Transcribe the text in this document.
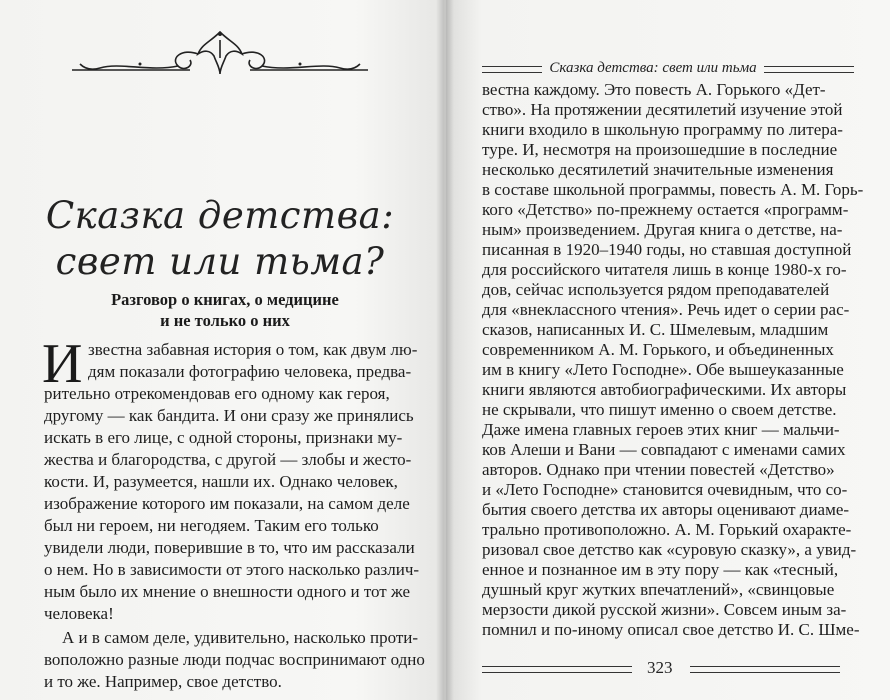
Сказка детства:
свет или тьма?
Разговор о книгах, о медицине
и не только о них
И звестна забавная история о том, как двум лю-
дям показали фотографию человека, предва-
рительно отрекомендовав его одному как героя,
другому — как бандита. И они сразу же принялись
искать в его лице, с одной стороны, признаки му-
жества и благородства, с другой — злобы и жесто-
кости. И, разумеется, нашли их. Однако человек,
изображение которого им показали, на самом деле
был ни героем, ни негодяем. Таким его только
увидели люди, поверившие в то, что им рассказали
о нем. Но в зависимости от этого насколько различ-
ным было их мнение о внешности одного и тот же
человека!
А и в самом деле, удивительно, насколько проти-
воположно разные люди подчас воспринимают одно
и то же. Например, свое детство.
Сказка детства: свет или тьма
вестна каждому. Это повесть А. Горького «Дет-
ство». На протяжении десятилетий изучение этой
книги входило в школьную программу по литера-
туре. И, несмотря на произошедшие в последние
несколько десятилетий значительные изменения
в составе школьной программы, повесть А. М. Горь-
кого «Детство» по-прежнему остается «программ-
ным» произведением. Другая книга о детстве, на-
писанная в 1920–1940 годы, но ставшая доступной
для российского читателя лишь в конце 1980-х го-
дов, сейчас используется рядом преподавателей
для «внеклассного чтения». Речь идет о серии рас-
сказов, написанных И. С. Шмелевым, младшим
современником А. М. Горького, и объединенных
им в книгу «Лето Господне». Обе вышеуказанные
книги являются автобиографическими. Их авторы
не скрывали, что пишут именно о своем детстве.
Даже имена главных героев этих книг — мальчи-
ков Алеши и Вани — совпадают с именами самих
авторов. Однако при чтении повестей «Детство»
и «Лето Господне» становится очевидным, что со-
бытия своего детства их авторы оценивают диаме-
трально противоположно. А. М. Горький охаракте-
ризовал свое детство как «суровую сказку», а увид-
енное и познанное им в эту пору — как «тесный,
душный круг жутких впечатлений», «свинцовые
мерзости дикой русской жизни». Совсем иным за-
помнил и по-иному описал свое детство И. С. Шме-
323
